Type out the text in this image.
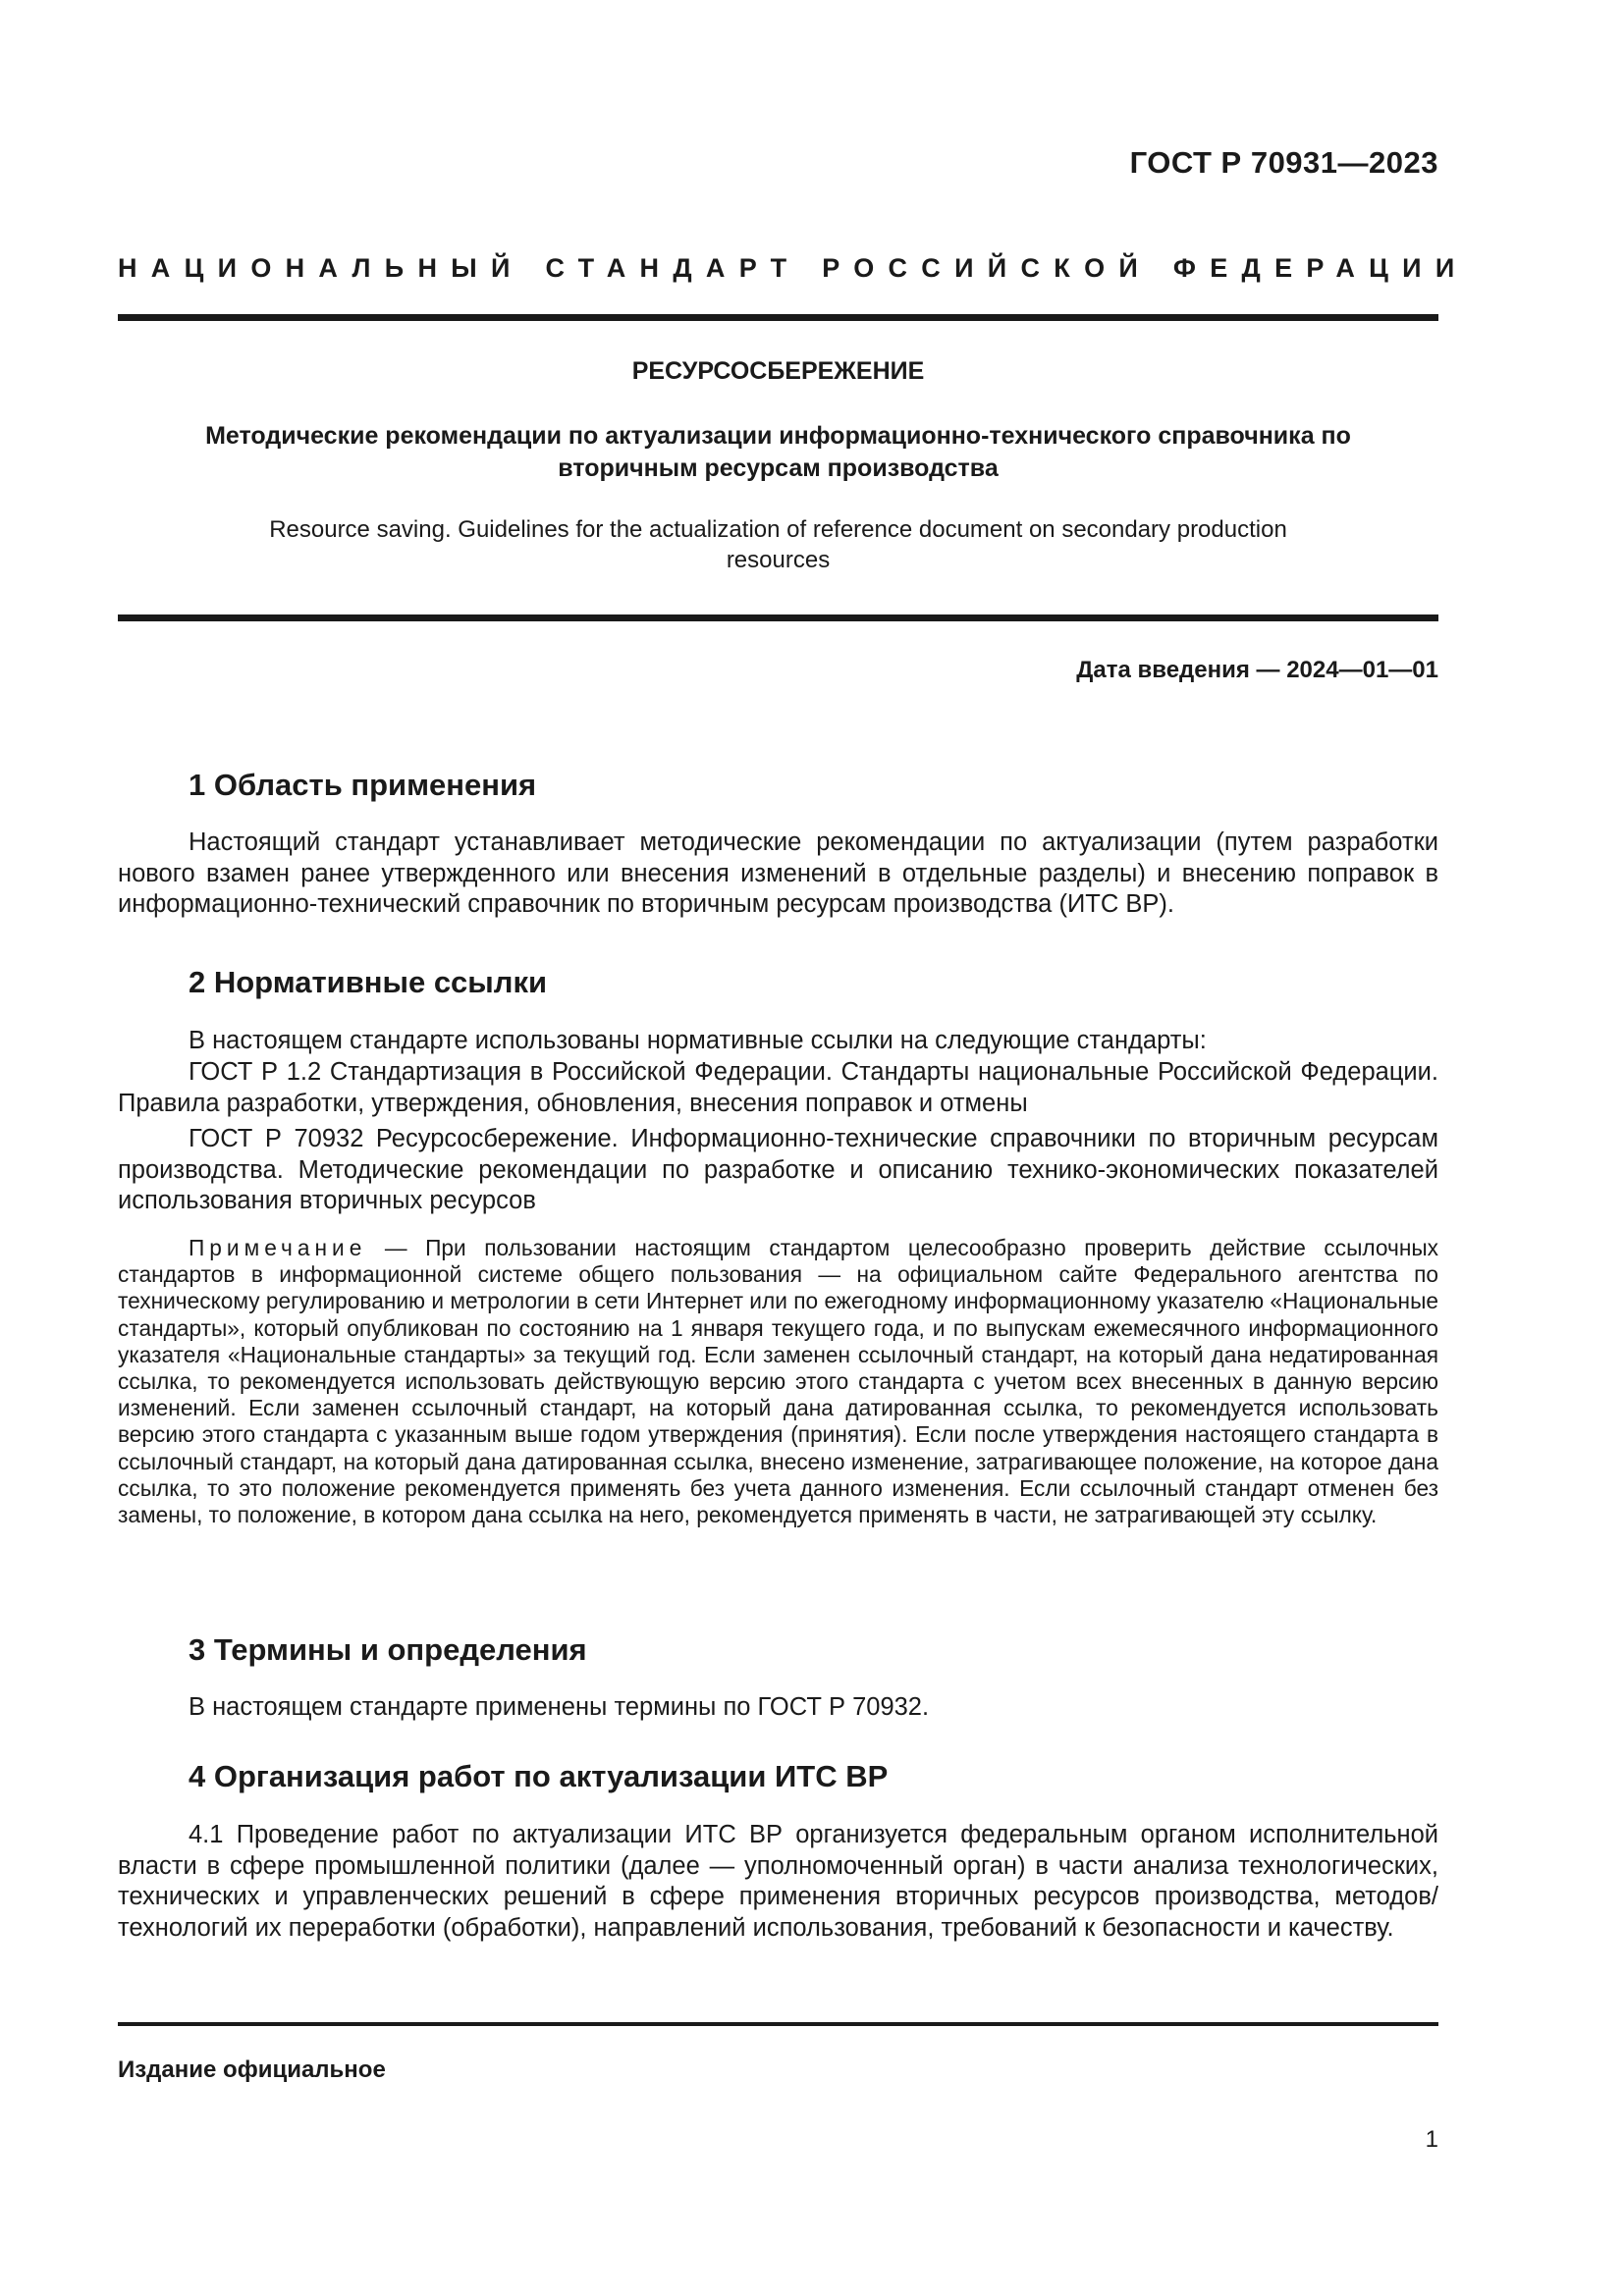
ГОСТ Р 70931—2023
НАЦИОНАЛЬНЫЙ СТАНДАРТ РОССИЙСКОЙ ФЕДЕРАЦИИ
РЕСУРСОСБЕРЕЖЕНИЕ
Методические рекомендации по актуализации информационно-технического справочника по вторичным ресурсам производства
Resource saving. Guidelines for the actualization of reference document on secondary production resources
Дата введения — 2024—01—01
1 Область применения

Настоящий стандарт устанавливает методические рекомендации по актуализации (путем разработки нового взамен ранее утвержденного или внесения изменений в отдельные разделы) и внесению поправок в информационно-технический справочник по вторичным ресурсам производства (ИТС ВР).

2 Нормативные ссылки

В настоящем стандарте использованы нормативные ссылки на следующие стандарты:

ГОСТ Р 1.2 Стандартизация в Российской Федерации. Стандарты национальные Российской Федерации. Правила разработки, утверждения, обновления, внесения поправок и отмены

ГОСТ Р 70932 Ресурсосбережение. Информационно-технические справочники по вторичным ресурсам производства. Методические рекомендации по разработке и описанию технико-экономических показателей использования вторичных ресурсов

Примечание — При пользовании настоящим стандартом целесообразно проверить действие ссылочных стандартов в информационной системе общего пользования — на официальном сайте Федерального агентства по техническому регулированию и метрологии в сети Интернет или по ежегодному информационному указателю «Национальные стандарты», который опубликован по состоянию на 1 января текущего года, и по выпускам ежемесячного информационного указателя «Национальные стандарты» за текущий год. Если заменен ссылочный стандарт, на который дана недатированная ссылка, то рекомендуется использовать действующую версию этого стандарта с учетом всех внесенных в данную версию изменений. Если заменен ссылочный стандарт, на который дана датированная ссылка, то рекомендуется использовать версию этого стандарта с указанным выше годом утверждения (принятия). Если после утверждения настоящего стандарта в ссылочный стандарт, на который дана датированная ссылка, внесено изменение, затрагивающее положение, на которое дана ссылка, то это положение рекомендуется применять без учета данного изменения. Если ссылочный стандарт отменен без замены, то положение, в котором дана ссылка на него, рекомендуется применять в части, не затрагивающей эту ссылку.

3 Термины и определения

В настоящем стандарте применены термины по ГОСТ Р 70932.

4 Организация работ по актуализации ИТС ВР

4.1 Проведение работ по актуализации ИТС ВР организуется федеральным органом исполнительной власти в сфере промышленной политики (далее — уполномоченный орган) в части анализа технологических, технических и управленческих решений в сфере применения вторичных ресурсов производства, методов/технологий их переработки (обработки), направлений использования, требований к безопасности и качеству.

Издание официальное
1
